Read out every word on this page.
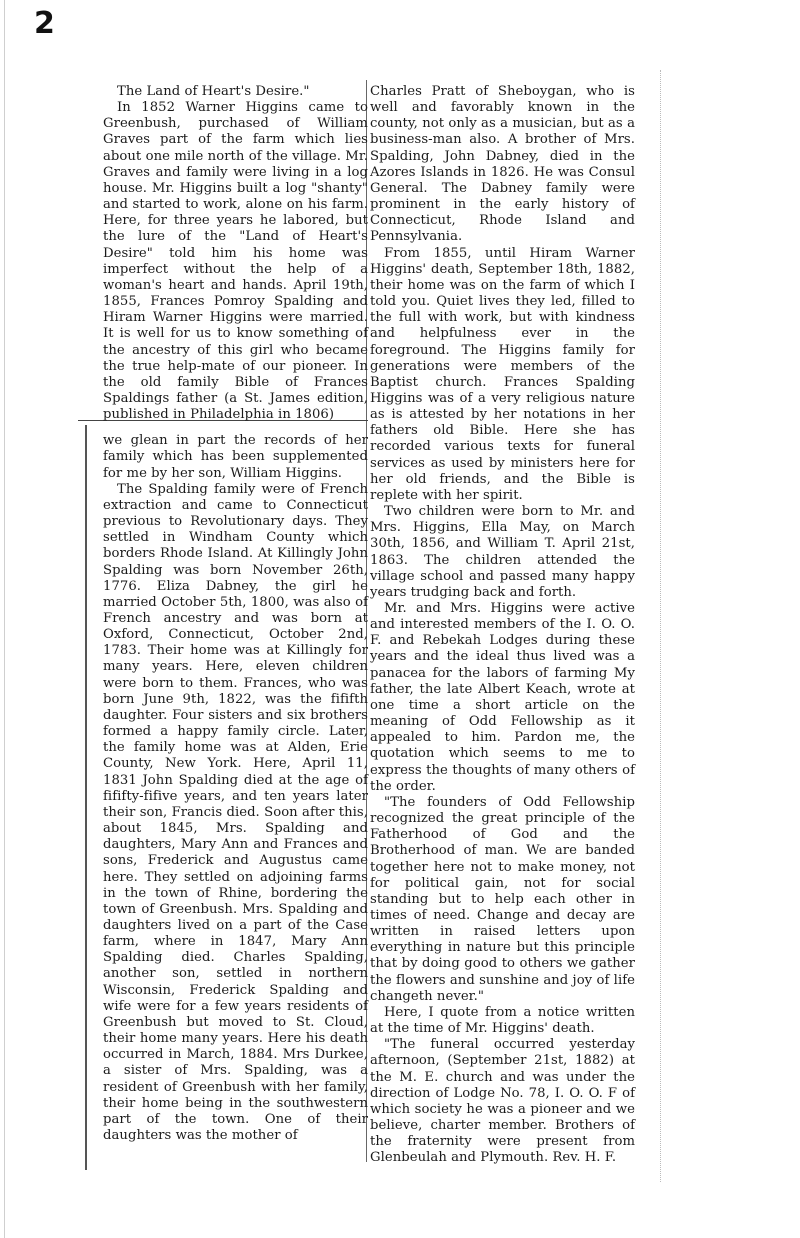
2

The Land of Heart's Desire."

In 1852 Warner Higgins came to Greenbush, purchased of William Graves part of the farm which lies about one mile north of the village. Mr. Graves and family were living in a log house. Mr. Higgins built a log "shanty" and started to work, alone on his farm. Here, for three years he labored, but the lure of the "Land of Heart's Desire" told him his home was imperfect without the help of a woman's heart and hands. April 19th, 1855, Frances Pomroy Spalding and Hiram Warner Higgins were married. It is well for us to know something of the ancestry of this girl who became the true help-mate of our pioneer. In the old family Bible of Frances Spaldings father (a St. James edition, published in Philadelphia in 1806)

we glean in part the records of her family which has been supplemented for me by her son, William Higgins.

The Spalding family were of French extraction and came to Connecticut previous to Revolutionary days. They settled in Windham County which borders Rhode Island. At Killingly John Spalding was born November 26th, 1776. Eliza Dabney, the girl he married October 5th, 1800, was also of French ancestry and was born at Oxford, Connecticut, October 2nd, 1783. Their home was at Killingly for many years. Here, eleven children were born to them. Frances, who was born June 9th, 1822, was the fififth daughter. Four sisters and six brothers formed a happy family circle. Later, the family home was at Alden, Erie County, New York. Here, April 11, 1831 John Spalding died at the age of fififty-fifive years, and ten years later their son, Francis died. Soon after this, about 1845, Mrs. Spalding and daughters, Mary Ann and Frances and sons, Frederick and Augustus came here. They settled on adjoining farms in the town of Rhine, bordering the town of Greenbush. Mrs. Spalding and daughters lived on a part of the Case farm, where in 1847, Mary Ann Spalding died. Charles Spalding, another son, settled in northern Wisconsin, Frederick Spalding and wife were for a few years residents of Greenbush but moved to St. Cloud, their home many years. Here his death occurred in March, 1884. Mrs Durkee, a sister of Mrs. Spalding, was a resident of Greenbush with her family, their home being in the southwestern part of the town. One of their daughters was the mother of

Charles Pratt of Sheboygan, who is well and favorably known in the county, not only as a musician, but as a business-man also. A brother of Mrs. Spalding, John Dabney, died in the Azores Islands in 1826. He was Consul General. The Dabney family were prominent in the early history of Connecticut, Rhode Island and Pennsylvania.

From 1855, until Hiram Warner Higgins' death, September 18th, 1882, their home was on the farm of which I told you. Quiet lives they led, filled to the full with work, but with kindness and helpfulness ever in the foreground. The Higgins family for generations were members of the Baptist church. Frances Spalding Higgins was of a very religious nature as is attested by her notations in her fathers old Bible. Here she has recorded various texts for funeral services as used by ministers here for her old friends, and the Bible is replete with her spirit.

Two children were born to Mr. and Mrs. Higgins, Ella May, on March 30th, 1856, and William T. April 21st, 1863. The children attended the village school and passed many happy years trudging back and forth.

Mr. and Mrs. Higgins were active and interested members of the I. O. O. F. and Rebekah Lodges during these years and the ideal thus lived was a panacea for the labors of farming My father, the late Albert Keach, wrote at one time a short article on the meaning of Odd Fellowship as it appealed to him. Pardon me, the quotation which seems to me to express the thoughts of many others of the order.

"The founders of Odd Fellowship recognized the great principle of the Fatherhood of God and the Brotherhood of man. We are banded together here not to make money, not for political gain, not for social standing but to help each other in times of need. Change and decay are written in raised letters upon everything in nature but this principle that by doing good to others we gather the flowers and sunshine and joy of life changeth never."

Here, I quote from a notice written at the time of Mr. Higgins' death.

"The funeral occurred yesterday afternoon, (September 21st, 1882) at the M. E. church and was under the direction of Lodge No. 78, I. O. O. F of which society he was a pioneer and we believe, charter member. Brothers of the fraternity were present from Glenbeulah and Plymouth. Rev. H. F.
